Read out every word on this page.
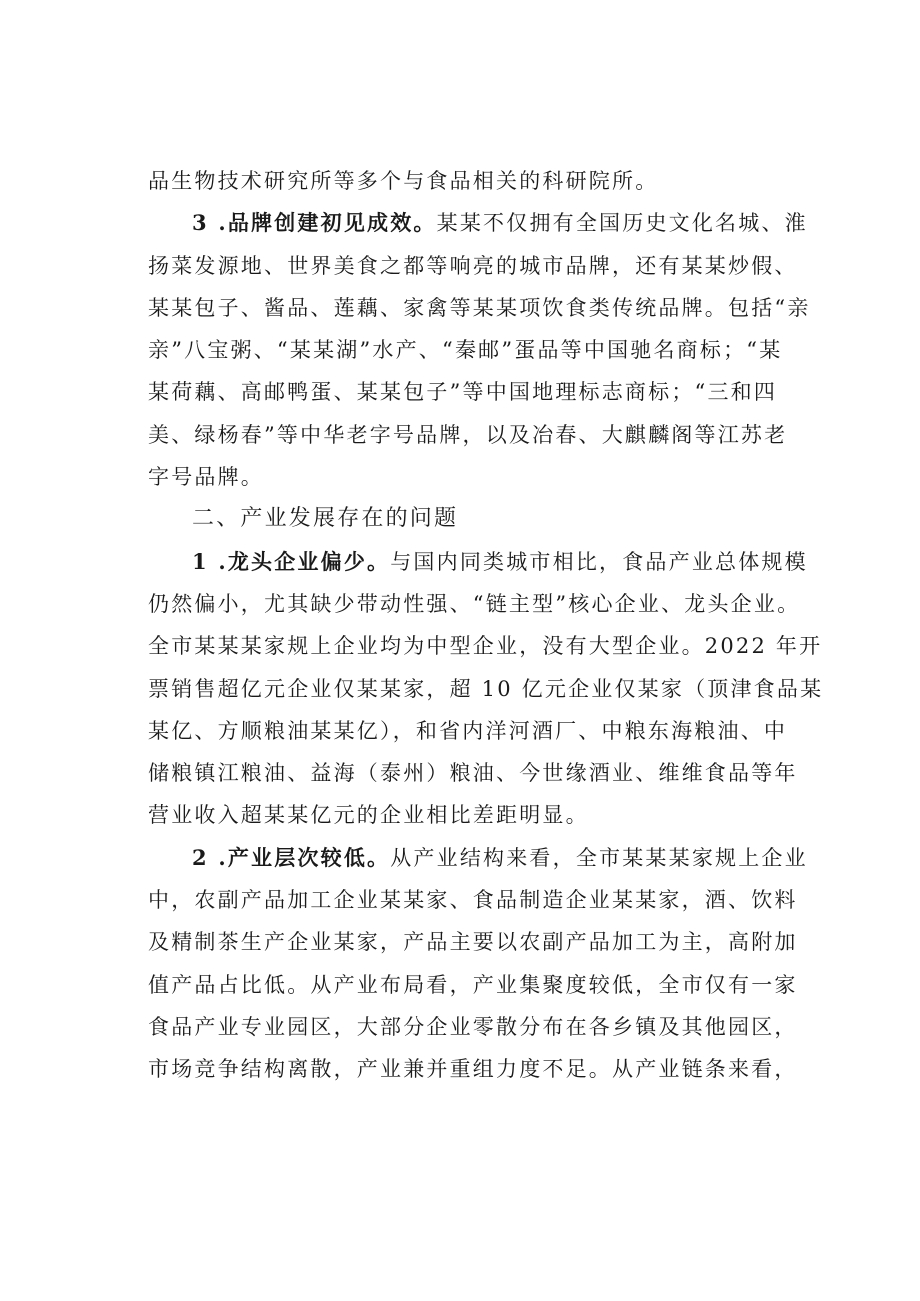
品生物技术研究所等多个与食品相关的科研院所。
3 .品牌创建初见成效。某某不仅拥有全国历史文化名城、淮
扬菜发源地、世界美食之都等响亮的城市品牌，还有某某炒假、
某某包子、酱品、莲藕、家禽等某某项饮食类传统品牌。包括“亲
亲”八宝粥、“某某湖”水产、“秦邮”蛋品等中国驰名商标；“某
某荷藕、高邮鸭蛋、某某包子”等中国地理标志商标；“三和四
美、绿杨春”等中华老字号品牌，以及冶春、大麒麟阁等江苏老
字号品牌。
二、产业发展存在的问题
1 .龙头企业偏少。与国内同类城市相比，食品产业总体规模
仍然偏小，尤其缺少带动性强、“链主型”核心企业、龙头企业。
全市某某某家规上企业均为中型企业，没有大型企业。2022 年开
票销售超亿元企业仅某某家，超 10 亿元企业仅某家（顶津食品某
某亿、方顺粮油某某亿），和省内洋河酒厂、中粮东海粮油、中
储粮镇江粮油、益海（泰州）粮油、今世缘酒业、维维食品等年
营业收入超某某亿元的企业相比差距明显。
2 .产业层次较低。从产业结构来看，全市某某某家规上企业
中，农副产品加工企业某某家、食品制造企业某某家，酒、饮料
及精制茶生产企业某家，产品主要以农副产品加工为主，高附加
值产品占比低。从产业布局看，产业集聚度较低，全市仅有一家
食品产业专业园区，大部分企业零散分布在各乡镇及其他园区，
市场竞争结构离散，产业兼并重组力度不足。从产业链条来看，
